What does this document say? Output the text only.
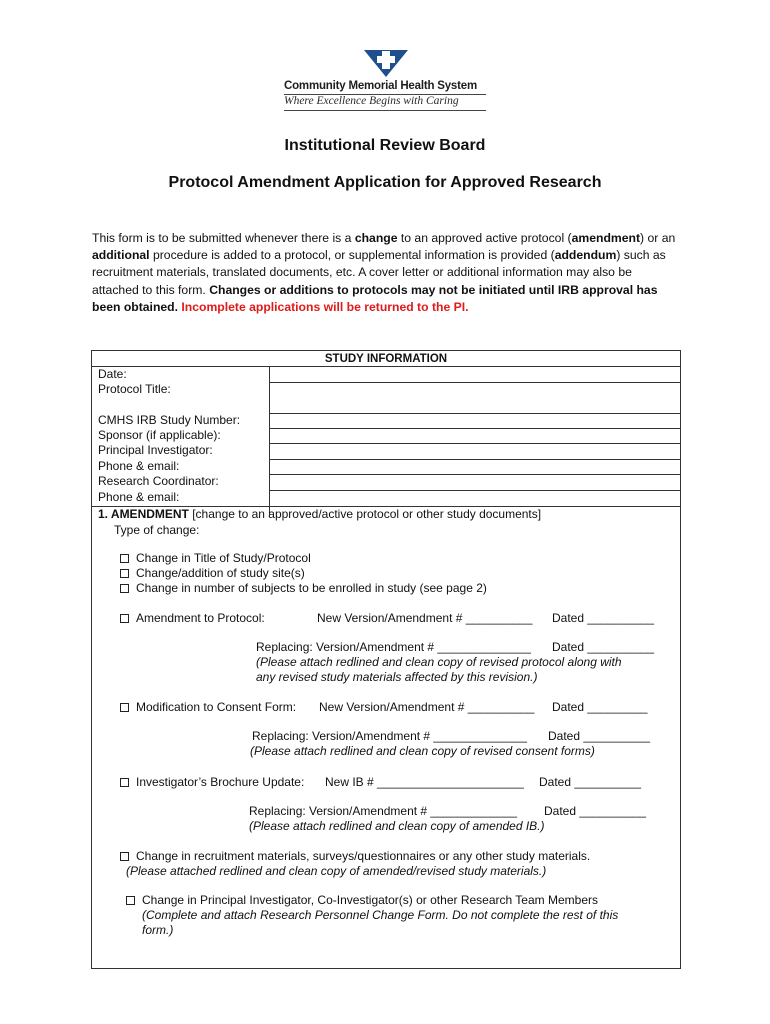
Community Memorial Health System
Where Excellence Begins with Caring
Institutional Review Board
Protocol Amendment Application for Approved Research
This form is to be submitted whenever there is a change to an approved active protocol (amendment) or an additional procedure is added to a protocol, or supplemental information is provided (addendum) such as recruitment materials, translated documents, etc. A cover letter or additional information may also be attached to this form. Changes or additions to protocols may not be initiated until IRB approval has been obtained. Incomplete applications will be returned to the PI.
STUDY INFORMATION
Date:
Protocol Title:
CMHS IRB Study Number:
Sponsor (if applicable):
Principal Investigator:
Phone & email:
Research Coordinator:
Phone & email:
1. AMENDMENT [change to an approved/active protocol or other study documents]
Type of change:
Change in Title of Study/Protocol
Change/addition of study site(s)
Change in number of subjects to be enrolled in study (see page 2)
Amendment to Protocol:	New Version/Amendment # __________ Dated __________
Replacing: Version/Amendment # ______________ Dated __________
(Please attach redlined and clean copy of revised protocol along with
any revised study materials affected by this revision.)
Modification to Consent Form: New Version/Amendment # __________ Dated _________
Replacing: Version/Amendment # ______________ Dated __________
(Please attach redlined and clean copy of revised consent forms)
Investigator’s Brochure Update: New IB # ______________________ Dated __________
Replacing: Version/Amendment # _____________ Dated __________
(Please attach redlined and clean copy of amended IB.)
Change in recruitment materials, surveys/questionnaires or any other study materials.
(Please attached redlined and clean copy of amended/revised study materials.)
Change in Principal Investigator, Co-Investigator(s) or other Research Team Members
(Complete and attach Research Personnel Change Form. Do not complete the rest of this
form.)
